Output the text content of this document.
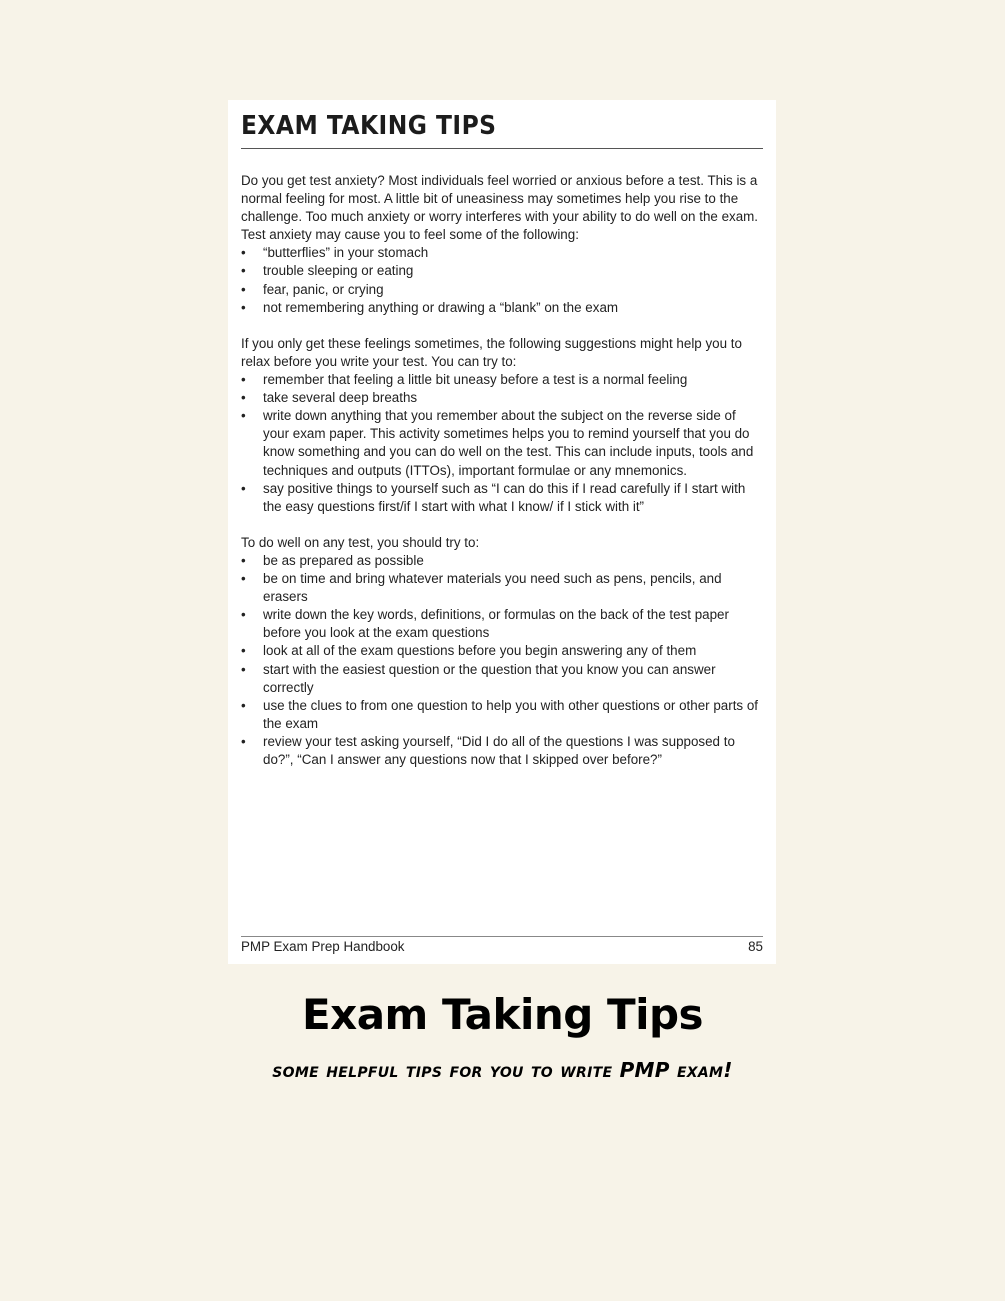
EXAM TAKING TIPS

Do you get test anxiety? Most individuals feel worried or anxious before a test. This is a normal feeling for most. A little bit of uneasiness may sometimes help you rise to the challenge. Too much anxiety or worry interferes with your ability to do well on the exam. Test anxiety may cause you to feel some of the following:

• “butterflies” in your stomach
• trouble sleeping or eating
• fear, panic, or crying
• not remembering anything or drawing a “blank” on the exam

If you only get these feelings sometimes, the following suggestions might help you to relax before you write your test. You can try to:

• remember that feeling a little bit uneasy before a test is a normal feeling
• take several deep breaths
• write down anything that you remember about the subject on the reverse side of your exam paper. This activity sometimes helps you to remind yourself that you do know something and you can do well on the test. This can include inputs, tools and techniques and outputs (ITTOs), important formulae or any mnemonics.
• say positive things to yourself such as “I can do this if I read carefully if I start with the easy questions first/if I start with what I know/ if I stick with it”

To do well on any test, you should try to:

• be as prepared as possible
• be on time and bring whatever materials you need such as pens, pencils, and erasers
• write down the key words, definitions, or formulas on the back of the test paper before you look at the exam questions
• look at all of the exam questions before you begin answering any of them
• start with the easiest question or the question that you know you can answer correctly
• use the clues to from one question to help you with other questions or other parts of the exam
• review your test asking yourself, “Did I do all of the questions I was supposed to do?”, “Can I answer any questions now that I skipped over before?”
PMP Exam Prep Handbook	85
Exam Taking Tips
some helpful tips for you to write PMP exam!
